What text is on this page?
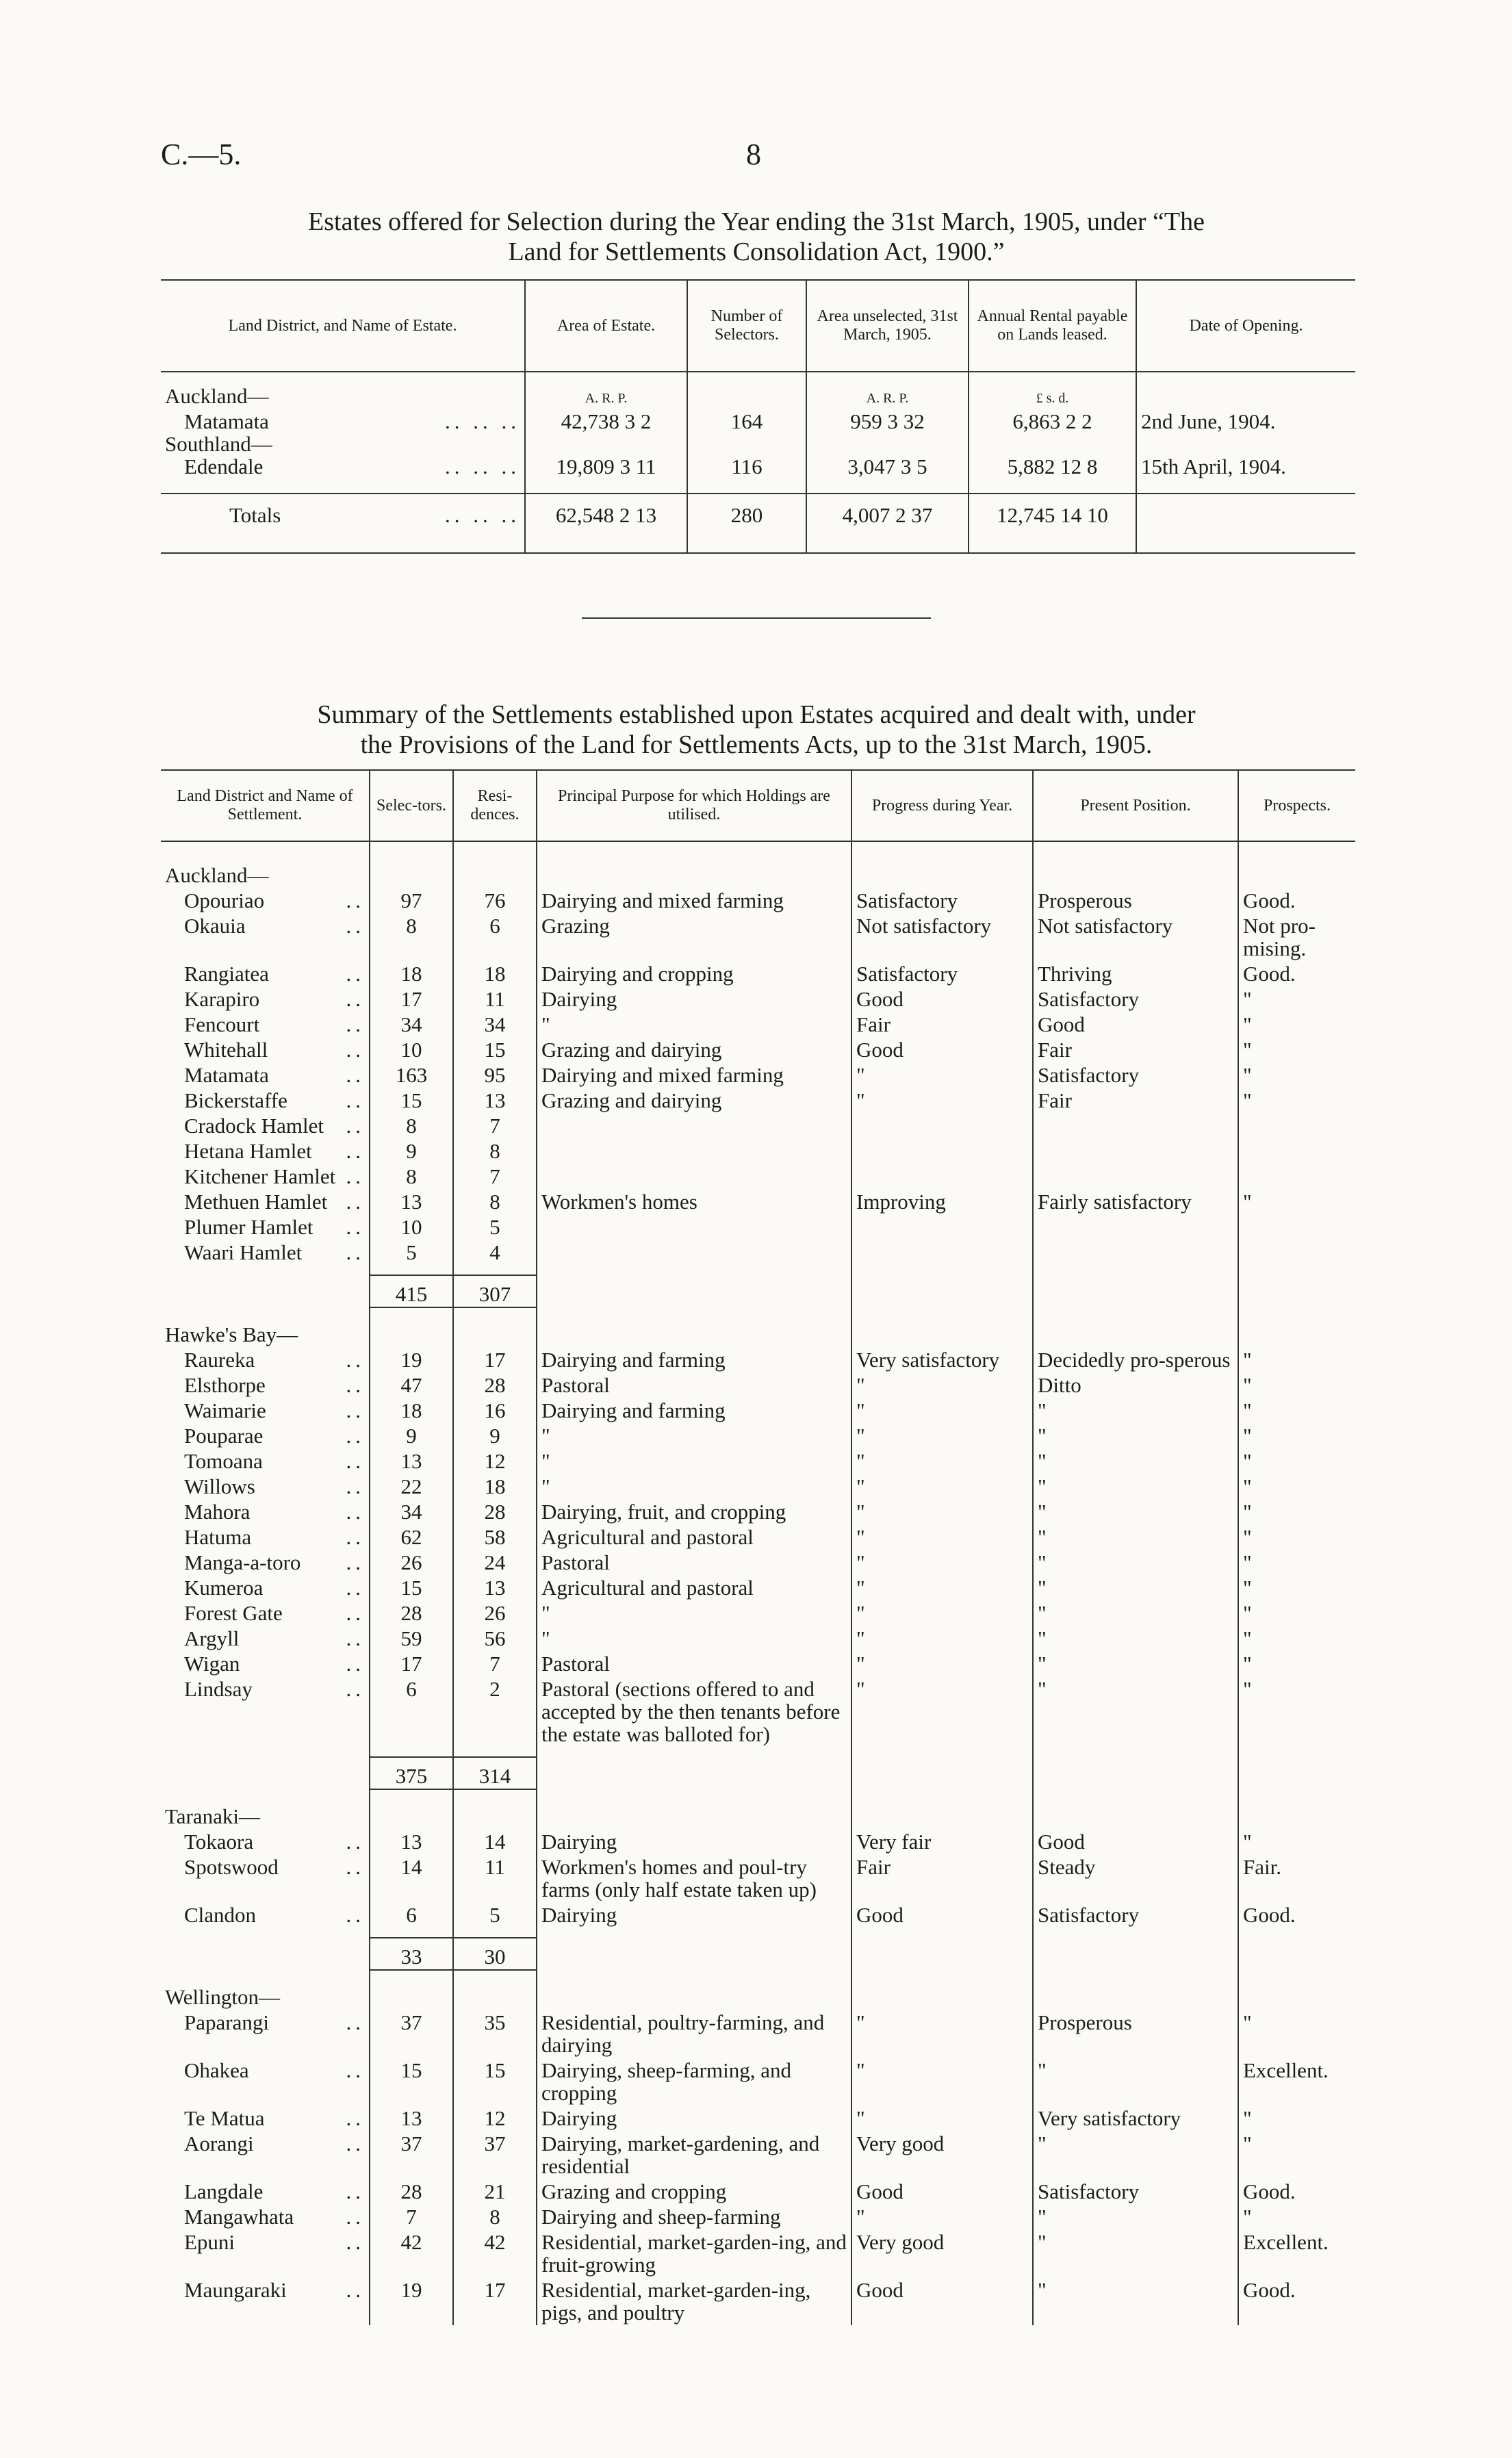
C.—5.	8
Estates offered for Selection during the Year ending the 31st March, 1905, under “The
Land for Settlements Consolidation Act, 1900.”
Land District, and Name of Estate.	Area of Estate.	Number of Selectors.	Area unselected, 31st March, 1905.	Annual Rental payable on Lands leased.	Date of Opening.
Auckland—	A. R. P.		A. R. P.	£ s. d.	
Matamata .. .. ..	42,738 3 2	164	959 3 32	6,863 2 2	2nd June, 1904.
Southland—					
Edendale .. .. ..	19,809 3 11	116	3,047 3 5	5,882 12 8	15th April, 1904.
Totals .. .. ..	62,548 2 13	280	4,007 2 37	12,745 14 10	
Summary of the Settlements established upon Estates acquired and dealt with, under
the Provisions of the Land for Settlements Acts, up to the 31st March, 1905.
Land District and Name of Settlement.	Selec-tors.	Resi-dences.	Principal Purpose for which Holdings are utilised.	Progress during Year.	Present Position.	Prospects.

Auckland—						
Opouriao ..	97	76	Dairying and mixed farming	Satisfactory	Prosperous	Good.
Okauia ..	8	6	Grazing	Not satisfactory	Not satisfactory	Not pro-mising.
Rangiatea ..	18	18	Dairying and cropping	Satisfactory	Thriving	Good.
Karapiro ..	17	11	Dairying	Good	Satisfactory	"
Fencourt ..	34	34	"	Fair	Good	"
Whitehall ..	10	15	Grazing and dairying	Good	Fair	"
Matamata ..	163	95	Dairying and mixed farming	"	Satisfactory	"
Bickerstaffe ..	15	13	Grazing and dairying	"	Fair	"
Cradock Hamlet ..	8	7				
Hetana Hamlet ..	9	8				
Kitchener Hamlet ..	8	7				
Methuen Hamlet ..	13	8	Workmen's homes	Improving	Fairly satisfactory	"
Plumer Hamlet ..	10	5				
Waari Hamlet ..	5	4				

	415	307				

Hawke's Bay—						
Raureka ..	19	17	Dairying and farming	Very satisfactory	Decidedly pro-sperous	"
Elsthorpe ..	47	28	Pastoral	"	Ditto	"
Waimarie ..	18	16	Dairying and farming	"	"	"
Pouparae ..	9	9	"	"	"	"
Tomoana ..	13	12	"	"	"	"
Willows ..	22	18	"	"	"	"
Mahora ..	34	28	Dairying, fruit, and cropping	"	"	"
Hatuma ..	62	58	Agricultural and pastoral	"	"	"
Manga-a-toro ..	26	24	Pastoral	"	"	"
Kumeroa ..	15	13	Agricultural and pastoral	"	"	"
Forest Gate ..	28	26	"	"	"	"
Argyll ..	59	56	"	"	"	"
Wigan ..	17	7	Pastoral	"	"	"
Lindsay ..	6	2	Pastoral (sections offered to and accepted by the then tenants before the estate was balloted for)	"	"	"

	375	314				

Taranaki—						
Tokaora ..	13	14	Dairying	Very fair	Good	"
Spotswood ..	14	11	Workmen's homes and poul-try farms (only half estate taken up)	Fair	Steady	Fair.
Clandon ..	6	5	Dairying	Good	Satisfactory	Good.

	33	30				

Wellington—						
Paparangi ..	37	35	Residential, poultry-farming, and dairying	"	Prosperous	"
Ohakea ..	15	15	Dairying, sheep-farming, and cropping	"	"	Excellent.
Te Matua ..	13	12	Dairying	"	Very satisfactory	"
Aorangi ..	37	37	Dairying, market-gardening, and residential	Very good	"	"
Langdale ..	28	21	Grazing and cropping	Good	Satisfactory	Good.
Mangawhata ..	7	8	Dairying and sheep-farming	"	"	"
Epuni ..	42	42	Residential, market-garden-ing, and fruit-growing	Very good	"	Excellent.
Maungaraki ..	19	17	Residential, market-garden-ing, pigs, and poultry	Good	"	Good.
